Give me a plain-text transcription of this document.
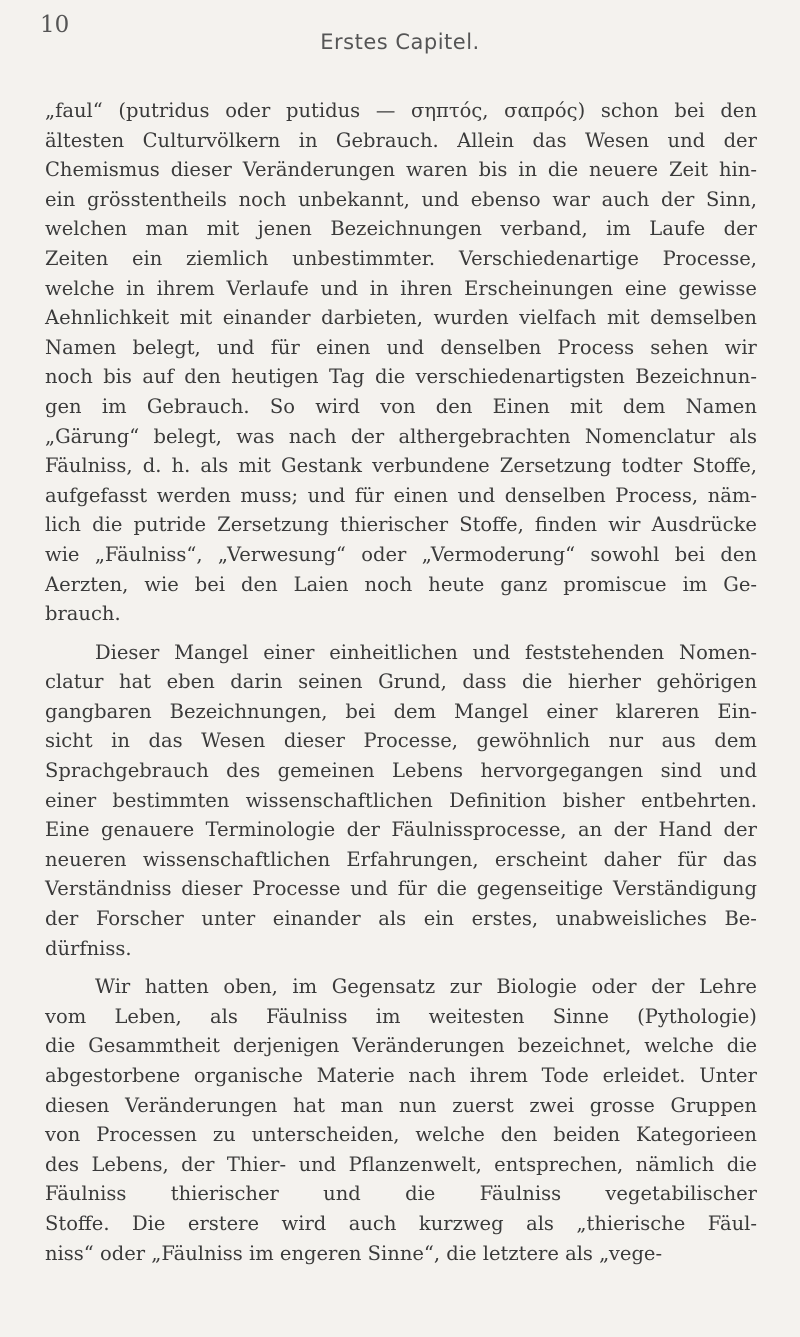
10
Erstes Capitel.
„faul“ (putridus oder putidus — σηπτός, σαπρός) schon bei den
ältesten Culturvölkern in Gebrauch. Allein das Wesen und der
Chemismus dieser Veränderungen waren bis in die neuere Zeit hin-
ein grösstentheils noch unbekannt, und ebenso war auch der Sinn,
welchen man mit jenen Bezeichnungen verband, im Laufe der
Zeiten ein ziemlich unbestimmter. Verschiedenartige Processe,
welche in ihrem Verlaufe und in ihren Erscheinungen eine gewisse
Aehnlichkeit mit einander darbieten, wurden vielfach mit demselben
Namen belegt, und für einen und denselben Process sehen wir
noch bis auf den heutigen Tag die verschiedenartigsten Bezeichnun-
gen im Gebrauch. So wird von den Einen mit dem Namen
„Gärung“ belegt, was nach der althergebrachten Nomenclatur als
Fäulniss, d. h. als mit Gestank verbundene Zersetzung todter Stoffe,
aufgefasst werden muss; und für einen und denselben Process, näm-
lich die putride Zersetzung thierischer Stoffe, finden wir Ausdrücke
wie „Fäulniss“, „Verwesung“ oder „Vermoderung“ sowohl bei den
Aerzten, wie bei den Laien noch heute ganz promiscue im Ge-
brauch.
Dieser Mangel einer einheitlichen und feststehenden Nomen-
clatur hat eben darin seinen Grund, dass die hierher gehörigen
gangbaren Bezeichnungen, bei dem Mangel einer klareren Ein-
sicht in das Wesen dieser Processe, gewöhnlich nur aus dem
Sprachgebrauch des gemeinen Lebens hervorgegangen sind und
einer bestimmten wissenschaftlichen Definition bisher entbehrten.
Eine genauere Terminologie der Fäulnissprocesse, an der Hand der
neueren wissenschaftlichen Erfahrungen, erscheint daher für das
Verständniss dieser Processe und für die gegenseitige Verständigung
der Forscher unter einander als ein erstes, unabweisliches Be-
dürfniss.
Wir hatten oben, im Gegensatz zur Biologie oder der Lehre
vom Leben, als Fäulniss im weitesten Sinne (Pythologie)
die Gesammtheit derjenigen Veränderungen bezeichnet, welche die
abgestorbene organische Materie nach ihrem Tode erleidet. Unter
diesen Veränderungen hat man nun zuerst zwei grosse Gruppen
von Processen zu unterscheiden, welche den beiden Kategorieen
des Lebens, der Thier- und Pflanzenwelt, entsprechen, nämlich die
Fäulniss thierischer und die Fäulniss vegetabilischer
Stoffe. Die erstere wird auch kurzweg als „thierische Fäul-
niss“ oder „Fäulniss im engeren Sinne“, die letztere als „vege-
